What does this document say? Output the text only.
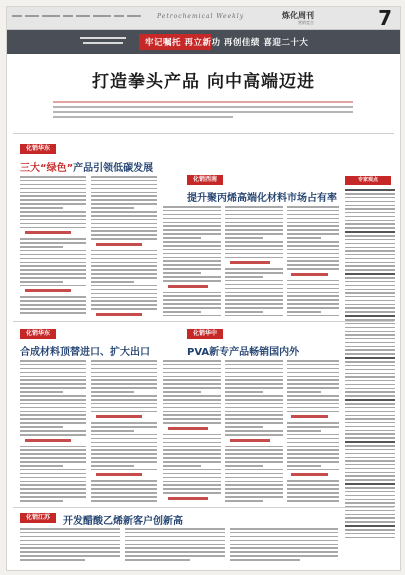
Petrochemical Weekly	炼化周刊
营销竞合	7
牢记嘱托 再立新功 再创佳绩 喜迎二十大
打造拳头产品 向中高端迈进
化销华东
三大“绿色”产品引领低碳发展
化销西南
提升聚丙烯高端化材料市场占有率
化销华东
合成材料顶替进口、扩大出口
化销华中
PVA新专产品畅销国内外
化销江苏	开发醋酸乙烯新客户创新高
专家观点
